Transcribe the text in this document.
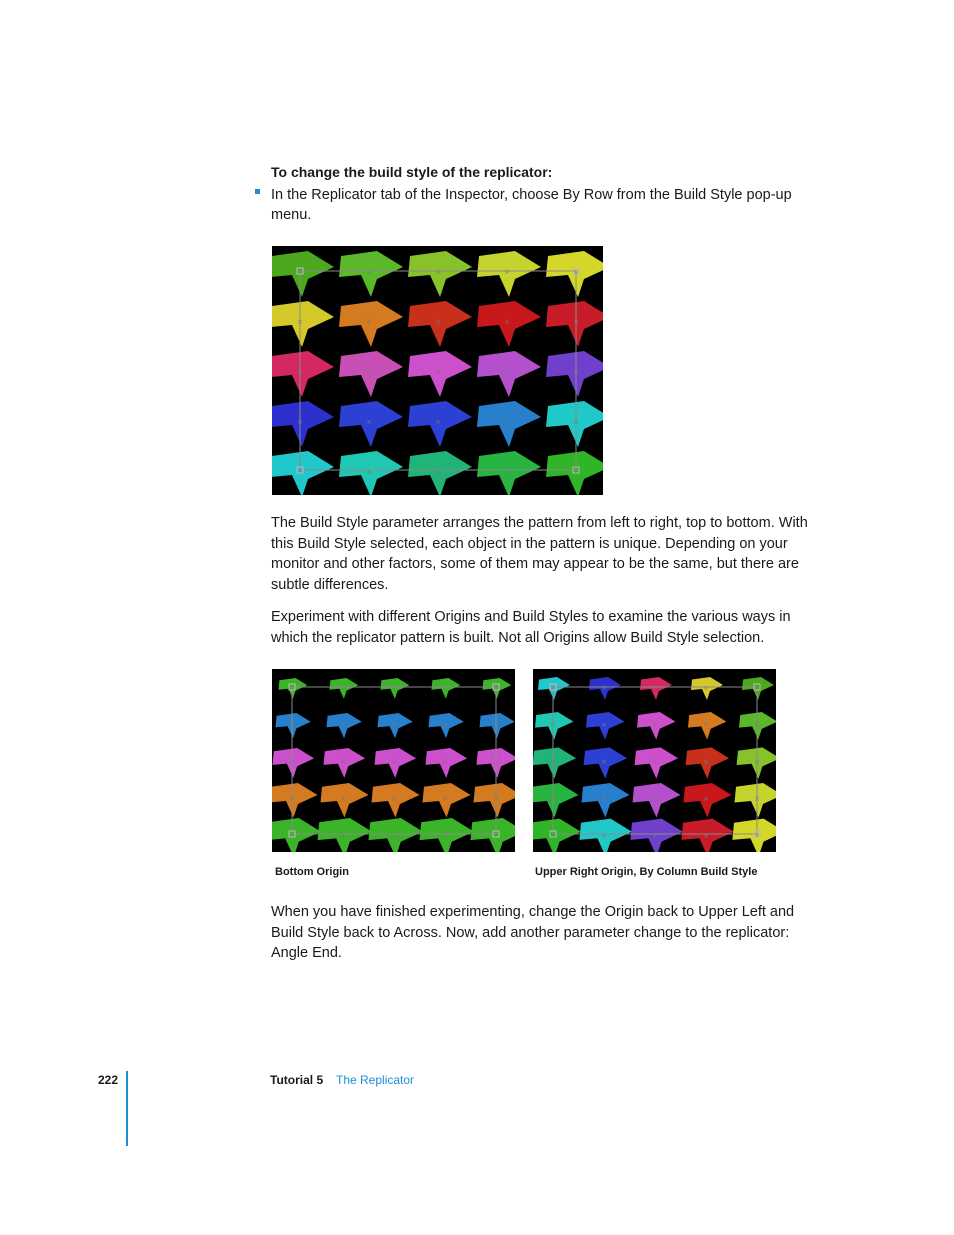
To change the build style of the replicator:
In the Replicator tab of the Inspector, choose By Row from the Build Style pop-up menu.
×	×	×	×	×
×	×	×	×	×
×	×	×	×	×
×	×	×	×	×
×	×	×	×	×

The Build Style parameter arranges the pattern from left to right, top to bottom. With this Build Style selected, each object in the pattern is unique. Depending on your monitor and other factors, some of them may appear to be the same, but there are subtle differences.

Experiment with different Origins and Build Styles to examine the various ways in which the replicator pattern is built. Not all Origins allow Build Style selection.

×	×	×	×	×
×	×	×	×	×
×	×	×	×	×
×	×	×	×	×
×	×	×	×	×
Bottom Origin
×	×	×	×	×
×	×	×	×	×
×	×	×	×	×
×	×	×	×	×
×	×	×	×	×
Upper Right Origin, By Column Build Style

When you have finished experimenting, change the Origin back to Upper Left and Build Style back to Across. Now, add another parameter change to the replicator: Angle End.

222	Tutorial 5 The Replicator
